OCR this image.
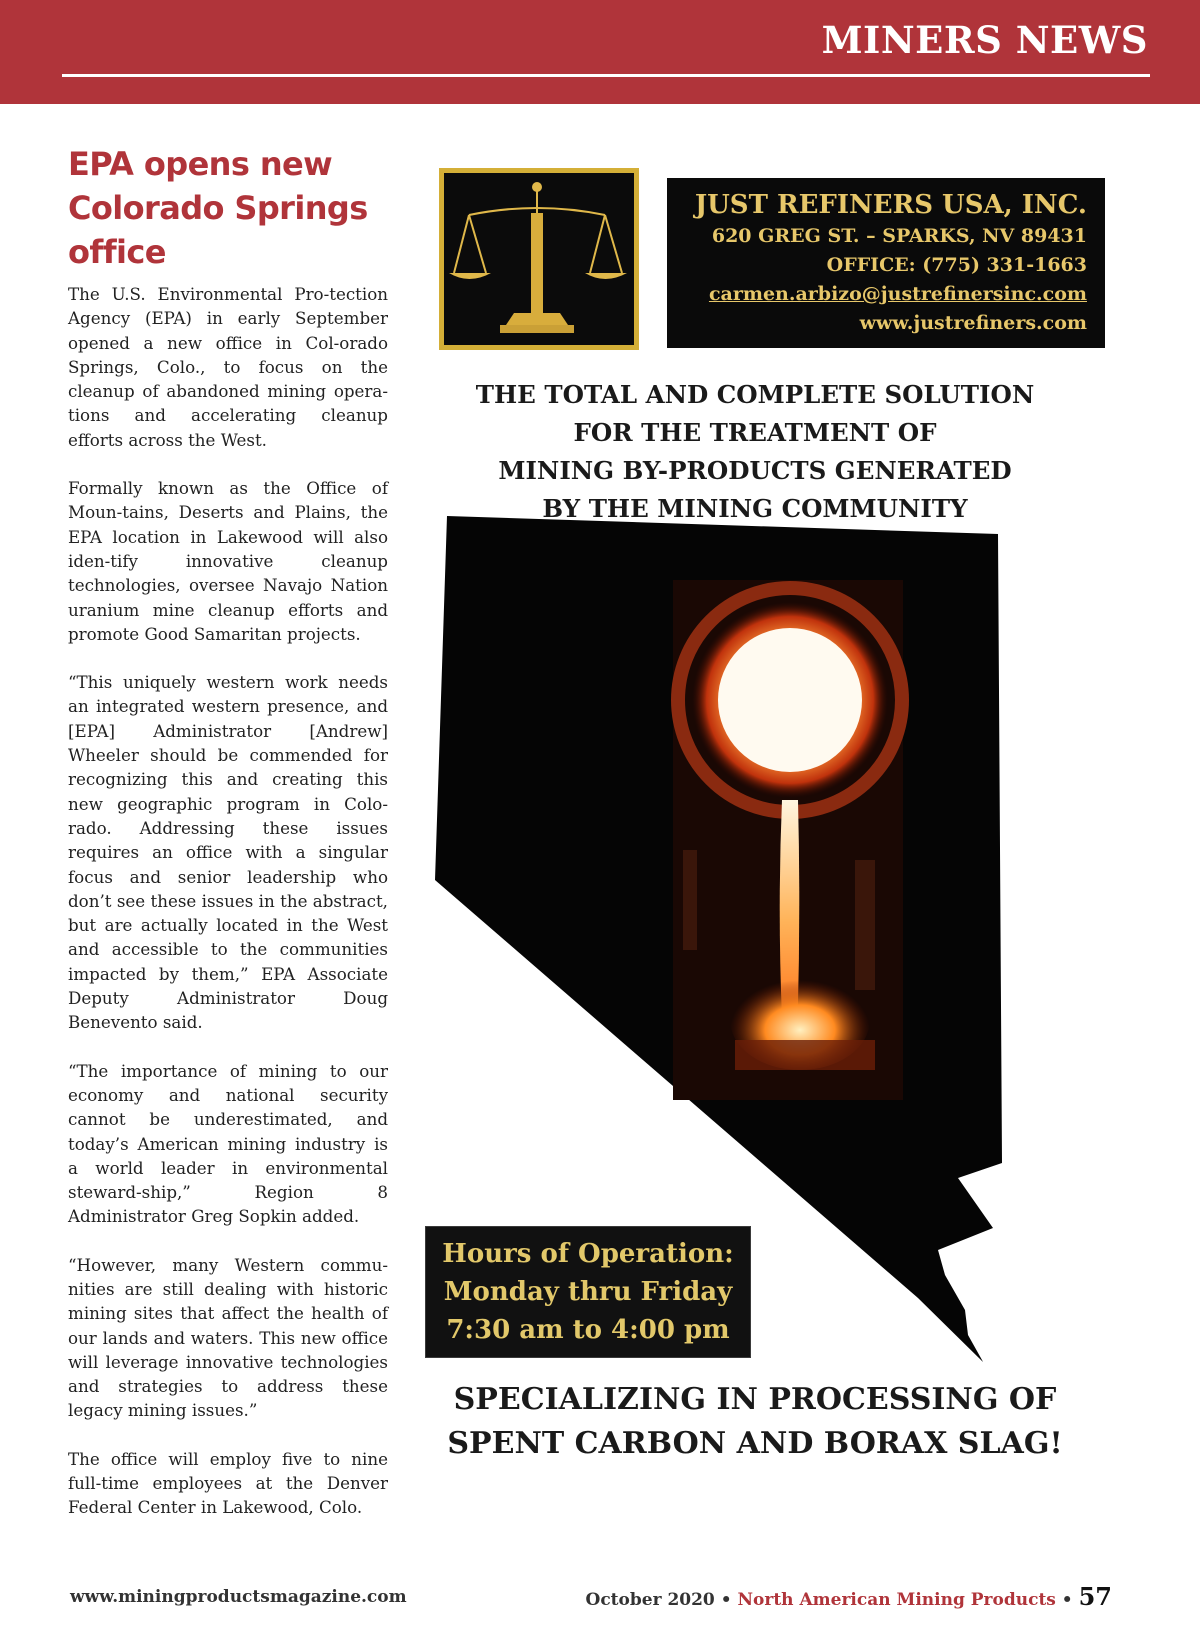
MINERS NEWS
EPA opens new Colorado Springs office

The U.S. Environmental Pro-tection Agency (EPA) in early September opened a new office in Col-orado Springs, Colo., to focus on the cleanup of abandoned mining opera-tions and accelerating cleanup efforts across the West.

Formally known as the Office of Moun-tains, Deserts and Plains, the EPA location in Lakewood will also iden-tify innovative cleanup technologies, oversee Navajo Nation uranium mine cleanup efforts and promote Good Samaritan projects.

“This uniquely western work needs an integrated western presence, and [EPA] Administrator [Andrew] Wheeler should be commended for recognizing this and creating this new geographic program in Colo-rado. Addressing these issues requires an office with a singular focus and senior leadership who don’t see these issues in the abstract, but are actually located in the West and accessible to the communities impacted by them,” EPA Associate Deputy Administrator Doug Benevento said.

“The importance of mining to our economy and national security cannot be underestimated, and today’s American mining industry is a world leader in environmental steward-ship,” Region 8 Administrator Greg Sopkin added.

“However, many Western commu-nities are still dealing with historic mining sites that affect the health of our lands and waters. This new office will leverage innovative technologies and strategies to address these legacy mining issues.”

The office will employ five to nine full-time employees at the Denver Federal Center in Lakewood, Colo.

JUST REFINERS USA, INC.
620 GREG ST. – SPARKS, NV 89431
OFFICE: (775) 331-1663
carmen.arbizo@justrefinersinc.com
www.justrefiners.com
THE TOTAL AND COMPLETE SOLUTION
FOR THE TREATMENT OF
MINING BY-PRODUCTS GENERATED
BY THE MINING COMMUNITY
Hours of Operation:
Monday thru Friday
7:30 am to 4:00 pm
SPECIALIZING IN PROCESSING OF
SPENT CARBON AND BORAX SLAG!
www.miningproductsmagazine.com	October 2020 • North American Mining Products • 57
